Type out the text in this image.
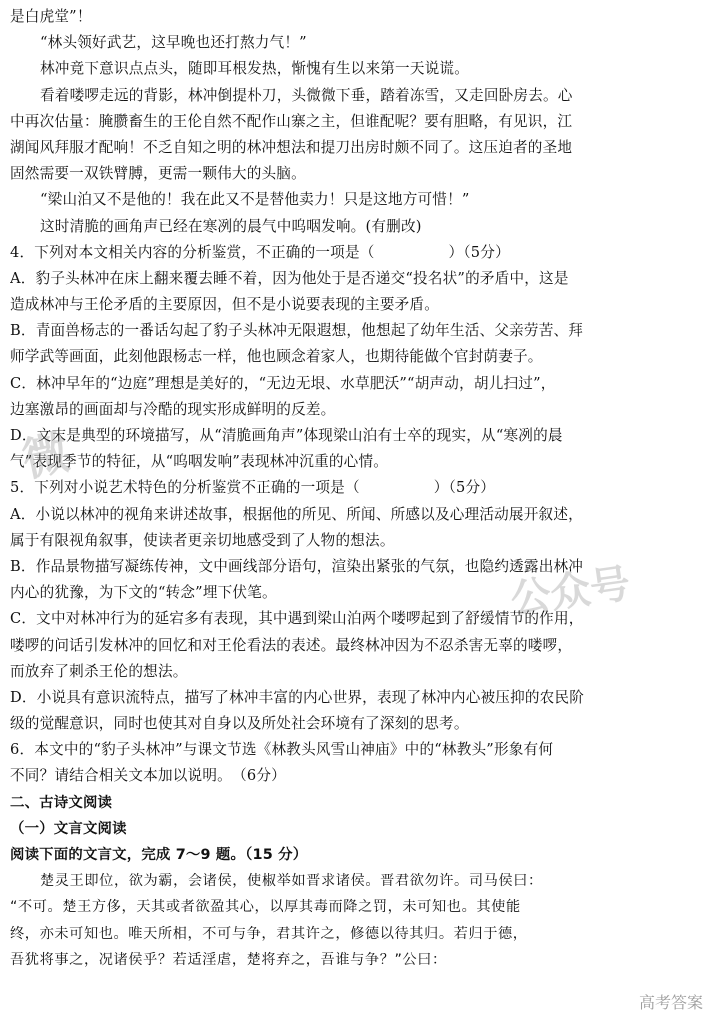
是白虎堂”！
“林头领好武艺，这早晚也还打熬力气！”
林冲竟下意识点点头，随即耳根发热，惭愧有生以来第一天说谎。
看着喽啰走远的背影，林冲倒提朴刀，头微微下垂，踏着冻雪，又走回卧房去。心
中再次估量：腌臜畜生的王伦自然不配作山寨之主，但谁配呢？要有胆略，有见识，江
湖闻风拜服才配响！不乏自知之明的林冲想法和提刀出房时颇不同了。这压迫者的圣地
固然需要一双铁臂膊，更需一颗伟大的头脑。
“梁山泊又不是他的！我在此又不是替他卖力！只是这地方可惜！”
这时清脆的画角声已经在寒冽的晨气中呜咽发响。(有删改)
4．下列对本文相关内容的分析鉴赏，不正确的一项是（　　　　　）（5分）
A．豹子头林冲在床上翻来覆去睡不着，因为他处于是否递交“投名状”的矛盾中，这是
造成林冲与王伦矛盾的主要原因，但不是小说要表现的主要矛盾。
B．青面兽杨志的一番话勾起了豹子头林冲无限遐想，他想起了幼年生活、父亲劳苦、拜
师学武等画面，此刻他跟杨志一样，他也顾念着家人，也期待能做个官封荫妻子。
C．林冲早年的“边庭”理想是美好的，“无边无垠、水草肥沃”“胡声动，胡儿扫过”，
边塞激昂的画面却与冷酷的现实形成鲜明的反差。
D．文末是典型的环境描写，从“清脆画角声”体现梁山泊有士卒的现实，从“寒冽的晨
气”表现季节的特征，从“呜咽发响”表现林冲沉重的心情。
5．下列对小说艺术特色的分析鉴赏不正确的一项是（　　　　　）（5分）
A．小说以林冲的视角来讲述故事，根据他的所见、所闻、所感以及心理活动展开叙述，
属于有限视角叙事，使读者更亲切地感受到了人物的想法。
B．作品景物描写凝练传神，文中画线部分语句，渲染出紧张的气氛，也隐约透露出林冲
内心的犹豫，为下文的“转念”埋下伏笔。
C．文中对林冲行为的延宕多有表现，其中遇到梁山泊两个喽啰起到了舒缓情节的作用，
喽啰的问话引发林冲的回忆和对王伦看法的表述。最终林冲因为不忍杀害无辜的喽啰，
而放弃了刺杀王伦的想法。
D．小说具有意识流特点，描写了林冲丰富的内心世界，表现了林冲内心被压抑的农民阶
级的觉醒意识，同时也使其对自身以及所处社会环境有了深刻的思考。
6．本文中的“豹子头林冲”与课文节选《林教头风雪山神庙》中的“林教头”形象有何
不同？请结合相关文本加以说明。　（6分）
二、古诗文阅读
（一）文言文阅读
阅读下面的文言文，完成 7～9 题。（15 分）
楚灵王即位，欲为霸，会诸侯，使椒举如晋求诸侯。晋君欲勿许。司马侯曰：
“不可。楚王方侈，天其或者欲盈其心，以厚其毒而降之罚，未可知也。其使能
终，亦未可知也。唯天所相，不可与争，君其许之，修德以待其归。若归于德，
吾犹将事之，况诸侯乎？若适淫虐，楚将弃之，吾谁与争？”公曰：
微
公众号
高考答案
